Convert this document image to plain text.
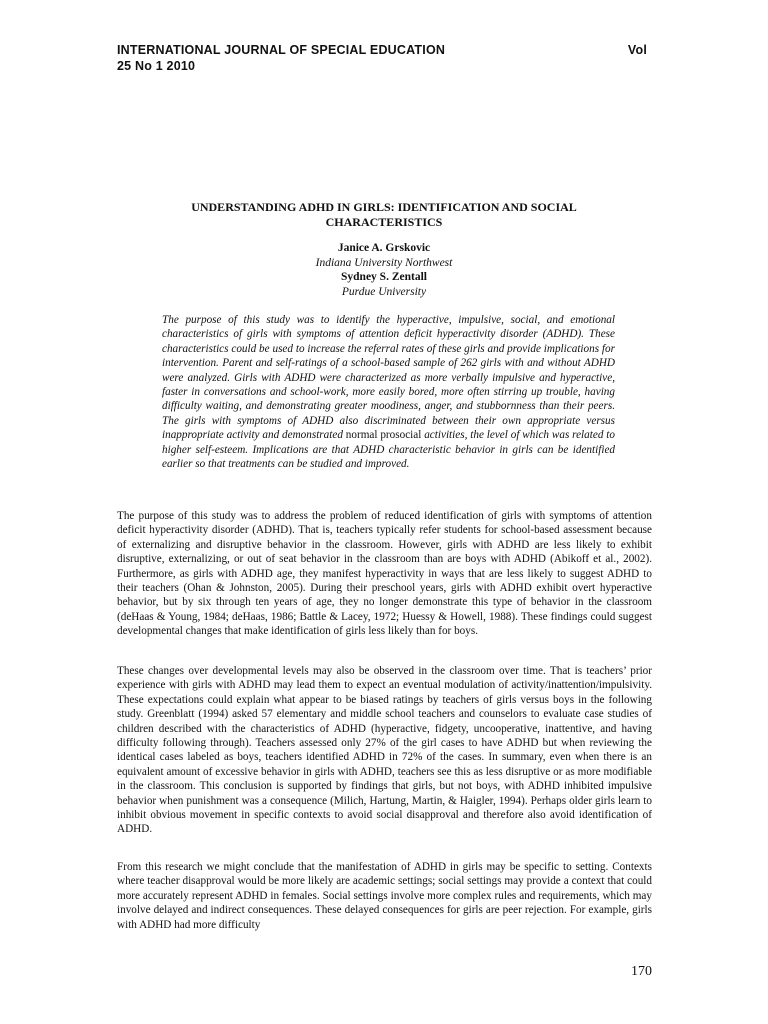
INTERNATIONAL JOURNAL OF SPECIAL EDUCATION	Vol
25 No 1 2010
UNDERSTANDING ADHD IN GIRLS: IDENTIFICATION AND SOCIAL CHARACTERISTICS
Janice A. Grskovic
Indiana University Northwest
Sydney S. Zentall
Purdue University
The purpose of this study was to identify the hyperactive, impulsive, social, and emotional characteristics of girls with symptoms of attention deficit hyperactivity disorder (ADHD). These characteristics could be used to increase the referral rates of these girls and provide implications for intervention. Parent and self-ratings of a school-based sample of 262 girls with and without ADHD were analyzed. Girls with ADHD were characterized as more verbally impulsive and hyperactive, faster in conversations and school-work, more easily bored, more often stirring up trouble, having difficulty waiting, and demonstrating greater moodiness, anger, and stubbornness than their peers. The girls with symptoms of ADHD also discriminated between their own appropriate versus inappropriate activity and demonstrated normal prosocial activities, the level of which was related to higher self-esteem. Implications are that ADHD characteristic behavior in girls can be identified earlier so that treatments can be studied and improved.
The purpose of this study was to address the problem of reduced identification of girls with symptoms of attention deficit hyperactivity disorder (ADHD). That is, teachers typically refer students for school-based assessment because of externalizing and disruptive behavior in the classroom. However, girls with ADHD are less likely to exhibit disruptive, externalizing, or out of seat behavior in the classroom than are boys with ADHD (Abikoff et al., 2002). Furthermore, as girls with ADHD age, they manifest hyperactivity in ways that are less likely to suggest ADHD to their teachers (Ohan & Johnston, 2005). During their preschool years, girls with ADHD exhibit overt hyperactive behavior, but by six through ten years of age, they no longer demonstrate this type of behavior in the classroom (deHaas & Young, 1984; deHaas, 1986; Battle & Lacey, 1972; Huessy & Howell, 1988). These findings could suggest developmental changes that make identification of girls less likely than for boys.
These changes over developmental levels may also be observed in the classroom over time. That is teachers’ prior experience with girls with ADHD may lead them to expect an eventual modulation of activity/inattention/impulsivity. These expectations could explain what appear to be biased ratings by teachers of girls versus boys in the following study. Greenblatt (1994) asked 57 elementary and middle school teachers and counselors to evaluate case studies of children described with the characteristics of ADHD (hyperactive, fidgety, uncooperative, inattentive, and having difficulty following through). Teachers assessed only 27% of the girl cases to have ADHD but when reviewing the identical cases labeled as boys, teachers identified ADHD in 72% of the cases. In summary, even when there is an equivalent amount of excessive behavior in girls with ADHD, teachers see this as less disruptive or as more modifiable in the classroom. This conclusion is supported by findings that girls, but not boys, with ADHD inhibited impulsive behavior when punishment was a consequence (Milich, Hartung, Martin, & Haigler, 1994). Perhaps older girls learn to inhibit obvious movement in specific contexts to avoid social disapproval and therefore also avoid identification of ADHD.
From this research we might conclude that the manifestation of ADHD in girls may be specific to setting. Contexts where teacher disapproval would be more likely are academic settings; social settings may provide a context that could more accurately represent ADHD in females. Social settings involve more complex rules and requirements, which may involve delayed and indirect consequences. These delayed consequences for girls are peer rejection. For example, girls with ADHD had more difficulty
170
